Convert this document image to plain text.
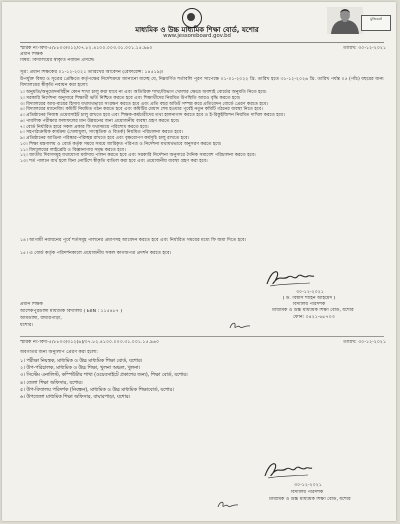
মাধ্যমিক ও উচ্চ মাধ্যমিক শিক্ষা বোর্ড, যশোর
www.jessoreboard.gov.bd
মুজিববর্ষ
স্মারক নং-বিদ্য-৫/৮৮০৩/৩১২/০৭.৮২.৪১০০.০০৩.৩১.০০১.১৫.৯৬০	তারিখ: ৩০-১২-২০২১
প্রধান শিক্ষক
বিষয়: বিদ্যালয়ের স্বীকৃতি নবায়ন প্রসঙ্গে।
সূত্র: প্রধান শিক্ষকের ০১-১২-২০২১ তারিখের আবেদন (রেফারেন্স: ১৪৫১৯)।
উপর্যুক্ত বিষয় ও সূত্রের প্রেক্ষিতে কর্তৃপক্ষের নির্দেশক্রমে জানানো যাচ্ছে যে, নিম্নবর্ণিত শর্তাবলি পূরণ সাপেক্ষে ০১-০১-২০২২ খ্রি. তারিখ হতে ৩১-১২-২০২৬ খ্রি. তারিখ পর্যন্ত ০৫ (পাঁচ) বছরের জন্য বিদ্যালয়ের স্বীকৃতি নবায়ন করা হলো:
১। অনুমতি/অনুমোদনবিহীন কোন শাখা চালু করা যাবে না এবং অতিরিক্ত শাখা/বিভাগ খোলার ক্ষেত্রে অবশ্যই বোর্ডের অনুমতি নিতে হবে।
২। সরকারি নির্দেশনা অনুসারে শিক্ষার্থী ভর্তি নিশ্চিত করতে হবে এবং শিক্ষার্থীদের নিয়মিত উপস্থিতি আরও বৃদ্ধি করতে হবে।
৩। বিদ্যালয়ের আয়-ব্যয়ের হিসাব যথাযথভাবে সংরক্ষণ করতে হবে এবং প্রতি বছর অডিট সম্পন্ন করে প্রতিবেদন বোর্ডে প্রেরণ করতে হবে।
৪। বিদ্যালয়ের ম্যানেজিং কমিটি নিয়মিত গঠন করতে হবে এবং কমিটির মেয়াদ শেষ হওয়ার পূর্বেই নতুন কমিটি গঠনের ব্যবস্থা নিতে হবে।
৫। প্রতিষ্ঠানের নিজস্ব ওয়েবসাইট চালু রাখতে হবে এবং শিক্ষক-কর্মচারীদের তথ্য হালনাগাদ করতে হবে ও ই-রিকুইজিশন নিয়মিত দাখিল করতে হবে।
৬। পাবলিক পরীক্ষার ফলাফলের মান উন্নয়নের জন্য প্রয়োজনীয় ব্যবস্থা গ্রহণ করতে হবে।
৭। বোর্ড নির্ধারিত হারে সকল প্রকার ফি যথাসময়ে পরিশোধ করতে হবে।
৮। সহপাঠ্যক্রমিক কার্যক্রম (খেলাধুলা, সাংস্কৃতিক ও বিতর্ক) নিয়মিত পরিচালনা করতে হবে।
৯। প্রতিষ্ঠানের আঙিনা পরিষ্কার-পরিচ্ছন্ন রাখতে হবে এবং বৃক্ষরোপণ কর্মসূচি চালু রাখতে হবে।
১০। শিক্ষা মন্ত্রণালয় ও বোর্ড কর্তৃক সময়ে সময়ে জারিকৃত পরিপত্র ও নির্দেশনা যথাযথভাবে অনুসরণ করতে হবে।
১১। বিদ্যালয়ের লাইব্রেরি ও বিজ্ঞানাগার সমৃদ্ধ করতে হবে।
১২। জাতীয় দিবসসমূহ যথাযোগ্য মর্যাদায় পালন করতে হবে এবং সরকারি নির্দেশনা অনুসারে দৈনিক সমাবেশ পরিচালনা করতে হবে।
১৩। শর্ত পালনে ব্যর্থ হলে বিনা নোটিশে স্বীকৃতি বাতিল করা হবে এবং প্রয়োজনীয় ব্যবস্থা গ্রহণ করা হবে।
১৪। আগামী নবায়নের পূর্বে শর্তসমূহ পালনের প্রমাণসহ আবেদন করতে হবে এবং নির্ধারিত সময়ের মধ্যে ফি জমা দিতে হবে।
১৫। এ বোর্ড কর্তৃক পরিদর্শনকালে প্রয়োজনীয় সকল কাগজপত্র প্রদর্শন করতে হবে।
৩০-১২-২০২১
( ড. বিশ্বাস শাহিন আহমেদ )
বিদ্যালয় পরিদর্শক
প্রধান শিক্ষক
আশেকপুরডাঙ্গা মাধ্যমিক বিদ্যালয় ( EIIN : ১১৫৪৮৭ )
আমডাঙ্গা, বাঘারপাড়া,
যশোর।
মাধ্যমিক ও উচ্চ মাধ্যমিক শিক্ষা বোর্ড, যশোর
ফোন: ০৪২১-৬৮৭০৩
স্মারক নং-বিদ্য-৫/৮৮০৩/৩১২(৬)/০৭.৮২.৪১০০.০০৩.৩১.০০১.১৫.৯৬০	তারিখ: ৩০-১২-২০২১
অবগতির জন্য অনুলিপি প্রেরণ করা হলো:
১। পরীক্ষা নিয়ন্ত্রক, মাধ্যমিক ও উচ্চ মাধ্যমিক শিক্ষা বোর্ড, যশোর।
২। উপ-পরিচালক, মাধ্যমিক ও উচ্চ শিক্ষা, খুলনা অঞ্চল, খুলনা।
৩। সিস্টেম এনালিস্ট, কম্পিউটার শাখা (ওয়েবসাইটে প্রকাশের জন্য), শিক্ষা বোর্ড, যশোর।
৪। জেলা শিক্ষা অফিসার, যশোর।
৫। উপ-বিদ্যালয় পরিদর্শক (নিবন্ধন), মাধ্যমিক ও উচ্চ মাধ্যমিক শিক্ষাবোর্ড, যশোর।
৬। উপজেলা মাধ্যমিক শিক্ষা অফিসার, বাঘারপাড়া, যশোর।
৩০-১২-২০২১
বিদ্যালয় পরিদর্শক
মাধ্যমিক ও উচ্চ মাধ্যমিক শিক্ষা বোর্ড, যশোর
